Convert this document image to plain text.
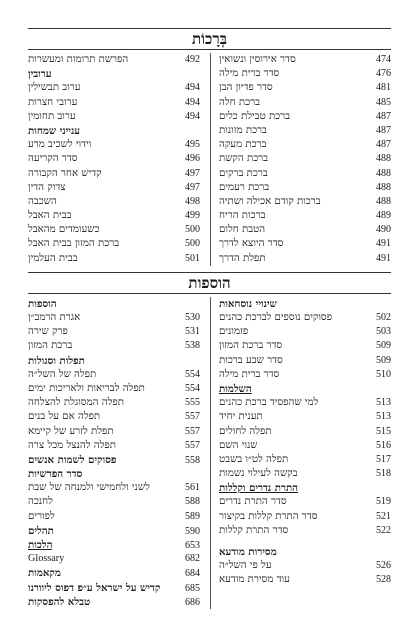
בְּרָכוֹת
סדר אירוסין ונשואין	474
סדר ברית מילה	476
סדר פדיון הבן	481
ברכת חלה	485
ברכת טבילת כלים	487
ברכת מזונות	487
ברכת מעקה	487
ברכת הקשת	488
ברכת ברקים	488
ברכת רעמים	488
ברכות קודם אכילה ושתיה	488
ברכות הריח	489
הטבת חלום	490
סדר היוצא לדרך	491
תפלת הדרך	491
הפרשת תרומות ומעשרות	492
ערובין
ערוב תבשילין	494
ערובי חצרות	494
ערוב תחומין	494
ענייני שמחות
וידוי לשכיב מרע	495
סדר הקריעה	496
קדיש אחר הקבורה	497
צדוק הדין	497
השכבה	498
בבית האבל	499
כשעומדים מהאבל	500
ברכת המזון בבית האבל	500
בבית העלמין	501
הוספות
שינויי נוסחאות
פסוקים נוספים לברכת כהנים	502
פזמונים	503
סדר ברכת המזון	509
סדר שבע ברכות	509
סדר ברית מילה	510
השלמות
למי שהפסיד ברכת כהנים	513
תענית יחיד	513
תפלה לחולים	515
שנוי השם	516
תפלה לט״ו בשבט	517
בקשה לעילוי נשמות	518
התרת נדרים וקללות
סדר התרת נדרים	519
סדר התרת קללות בקיצור	521
סדר התרת קללות	522
מסירות מודעא
על פי השל״ה	526
עוד מסירת מודעא	528
הוספות
אגרת הרמב״ן	530
פרק שירה	531
ברכת המזון	538
תפלות וסגולות
תפלה של השל״ה	554
תפלה לבריאות ולאריכות ימים	554
תפלה המסוגלת להצלחה	555
תפלה אם על בנים	557
תפלת לזרע של קיימא	557
תפלה להנצל מכל צרה	557
פסוקים לשמות אנשים	558
סדר הפרשיות
לשני ולחמישי ולמנחה של שבת	561
לחנכה	588
לפורים	589
תהלים	590
הלכות	653
Glossary	682
מקאמות	684
קדיש על ישראל ע״פ דפוס ליוורנו 685
טבלא להפסקות	686
